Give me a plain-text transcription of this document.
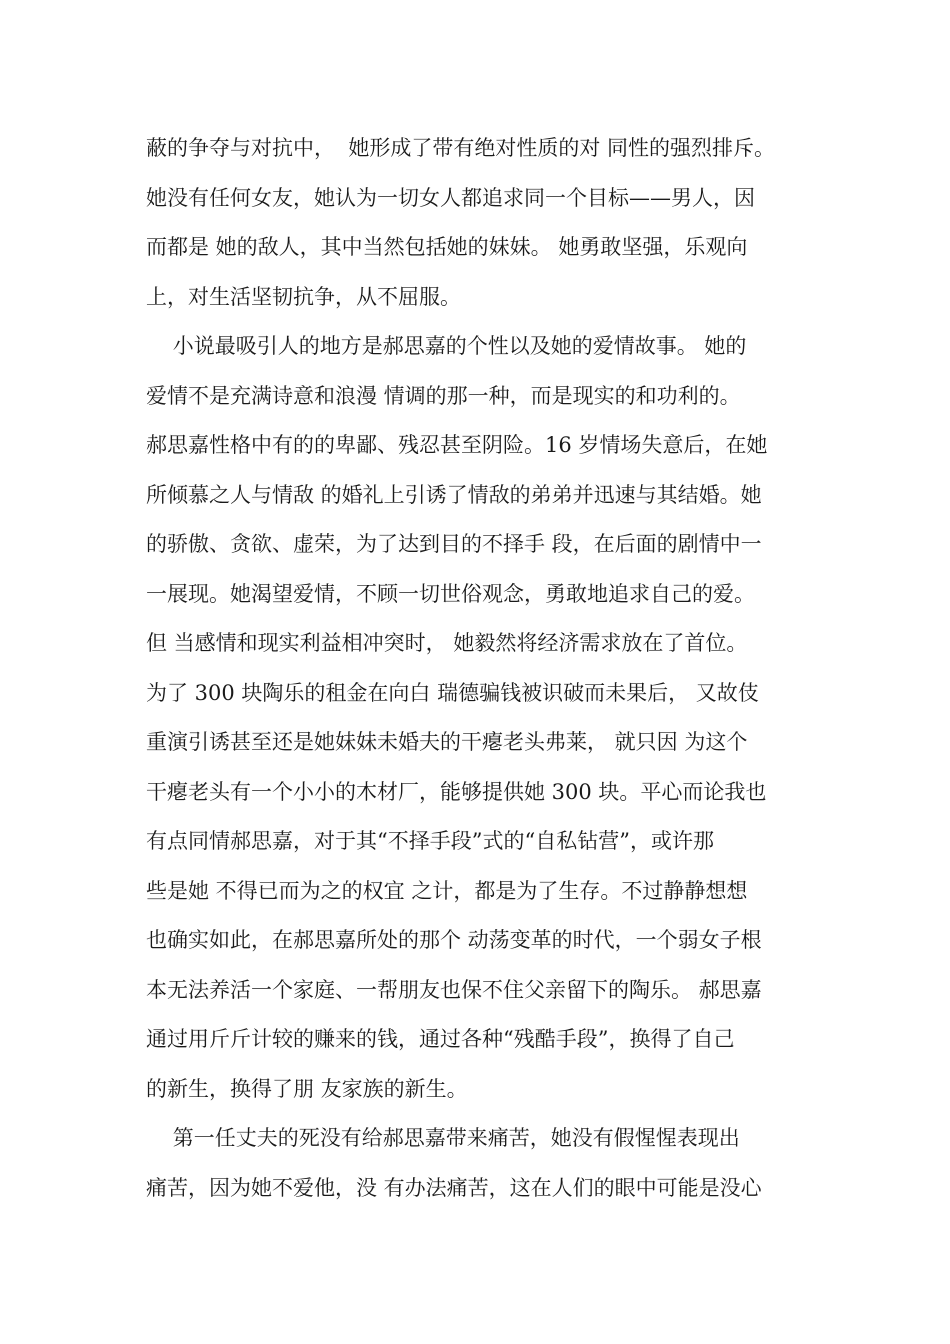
蔽的争夺与对抗中，  她形成了带有绝对性质的对 同性的强烈排斥。
她没有任何女友，她认为一切女人都追求同一个目标——男人，因
而都是 她的敌人，其中当然包括她的妹妹。 她勇敢坚强，乐观向
上，对生活坚韧抗争，从不屈服。
小说最吸引人的地方是郝思嘉的个性以及她的爱情故事。 她的
爱情不是充满诗意和浪漫 情调的那一种，而是现实的和功利的。
郝思嘉性格中有的的卑鄙、残忍甚至阴险。16 岁情场失意后，在她
所倾慕之人与情敌 的婚礼上引诱了情敌的弟弟并迅速与其结婚。她
的骄傲、贪欲、虚荣，为了达到目的不择手 段，在后面的剧情中一
一展现。她渴望爱情，不顾一切世俗观念，勇敢地追求自己的爱。
但 当感情和现实利益相冲突时， 她毅然将经济需求放在了首位。
为了 300 块陶乐的租金在向白 瑞德骗钱被识破而未果后， 又故伎
重演引诱甚至还是她妹妹未婚夫的干瘪老头弗莱， 就只因 为这个
干瘪老头有一个小小的木材厂，能够提供她 300 块。平心而论我也
有点同情郝思嘉，对于其“不择手段”式的“自私钻营”，或许那
些是她 不得已而为之的权宜 之计，都是为了生存。不过静静想想
也确实如此，在郝思嘉所处的那个 动荡变革的时代，一个弱女子根
本无法养活一个家庭、一帮朋友也保不住父亲留下的陶乐。 郝思嘉
通过用斤斤计较的赚来的钱，通过各种“残酷手段”，换得了自己
的新生，换得了朋 友家族的新生。
第一任丈夫的死没有给郝思嘉带来痛苦，她没有假惺惺表现出
痛苦，因为她不爱他，没 有办法痛苦，这在人们的眼中可能是没心
